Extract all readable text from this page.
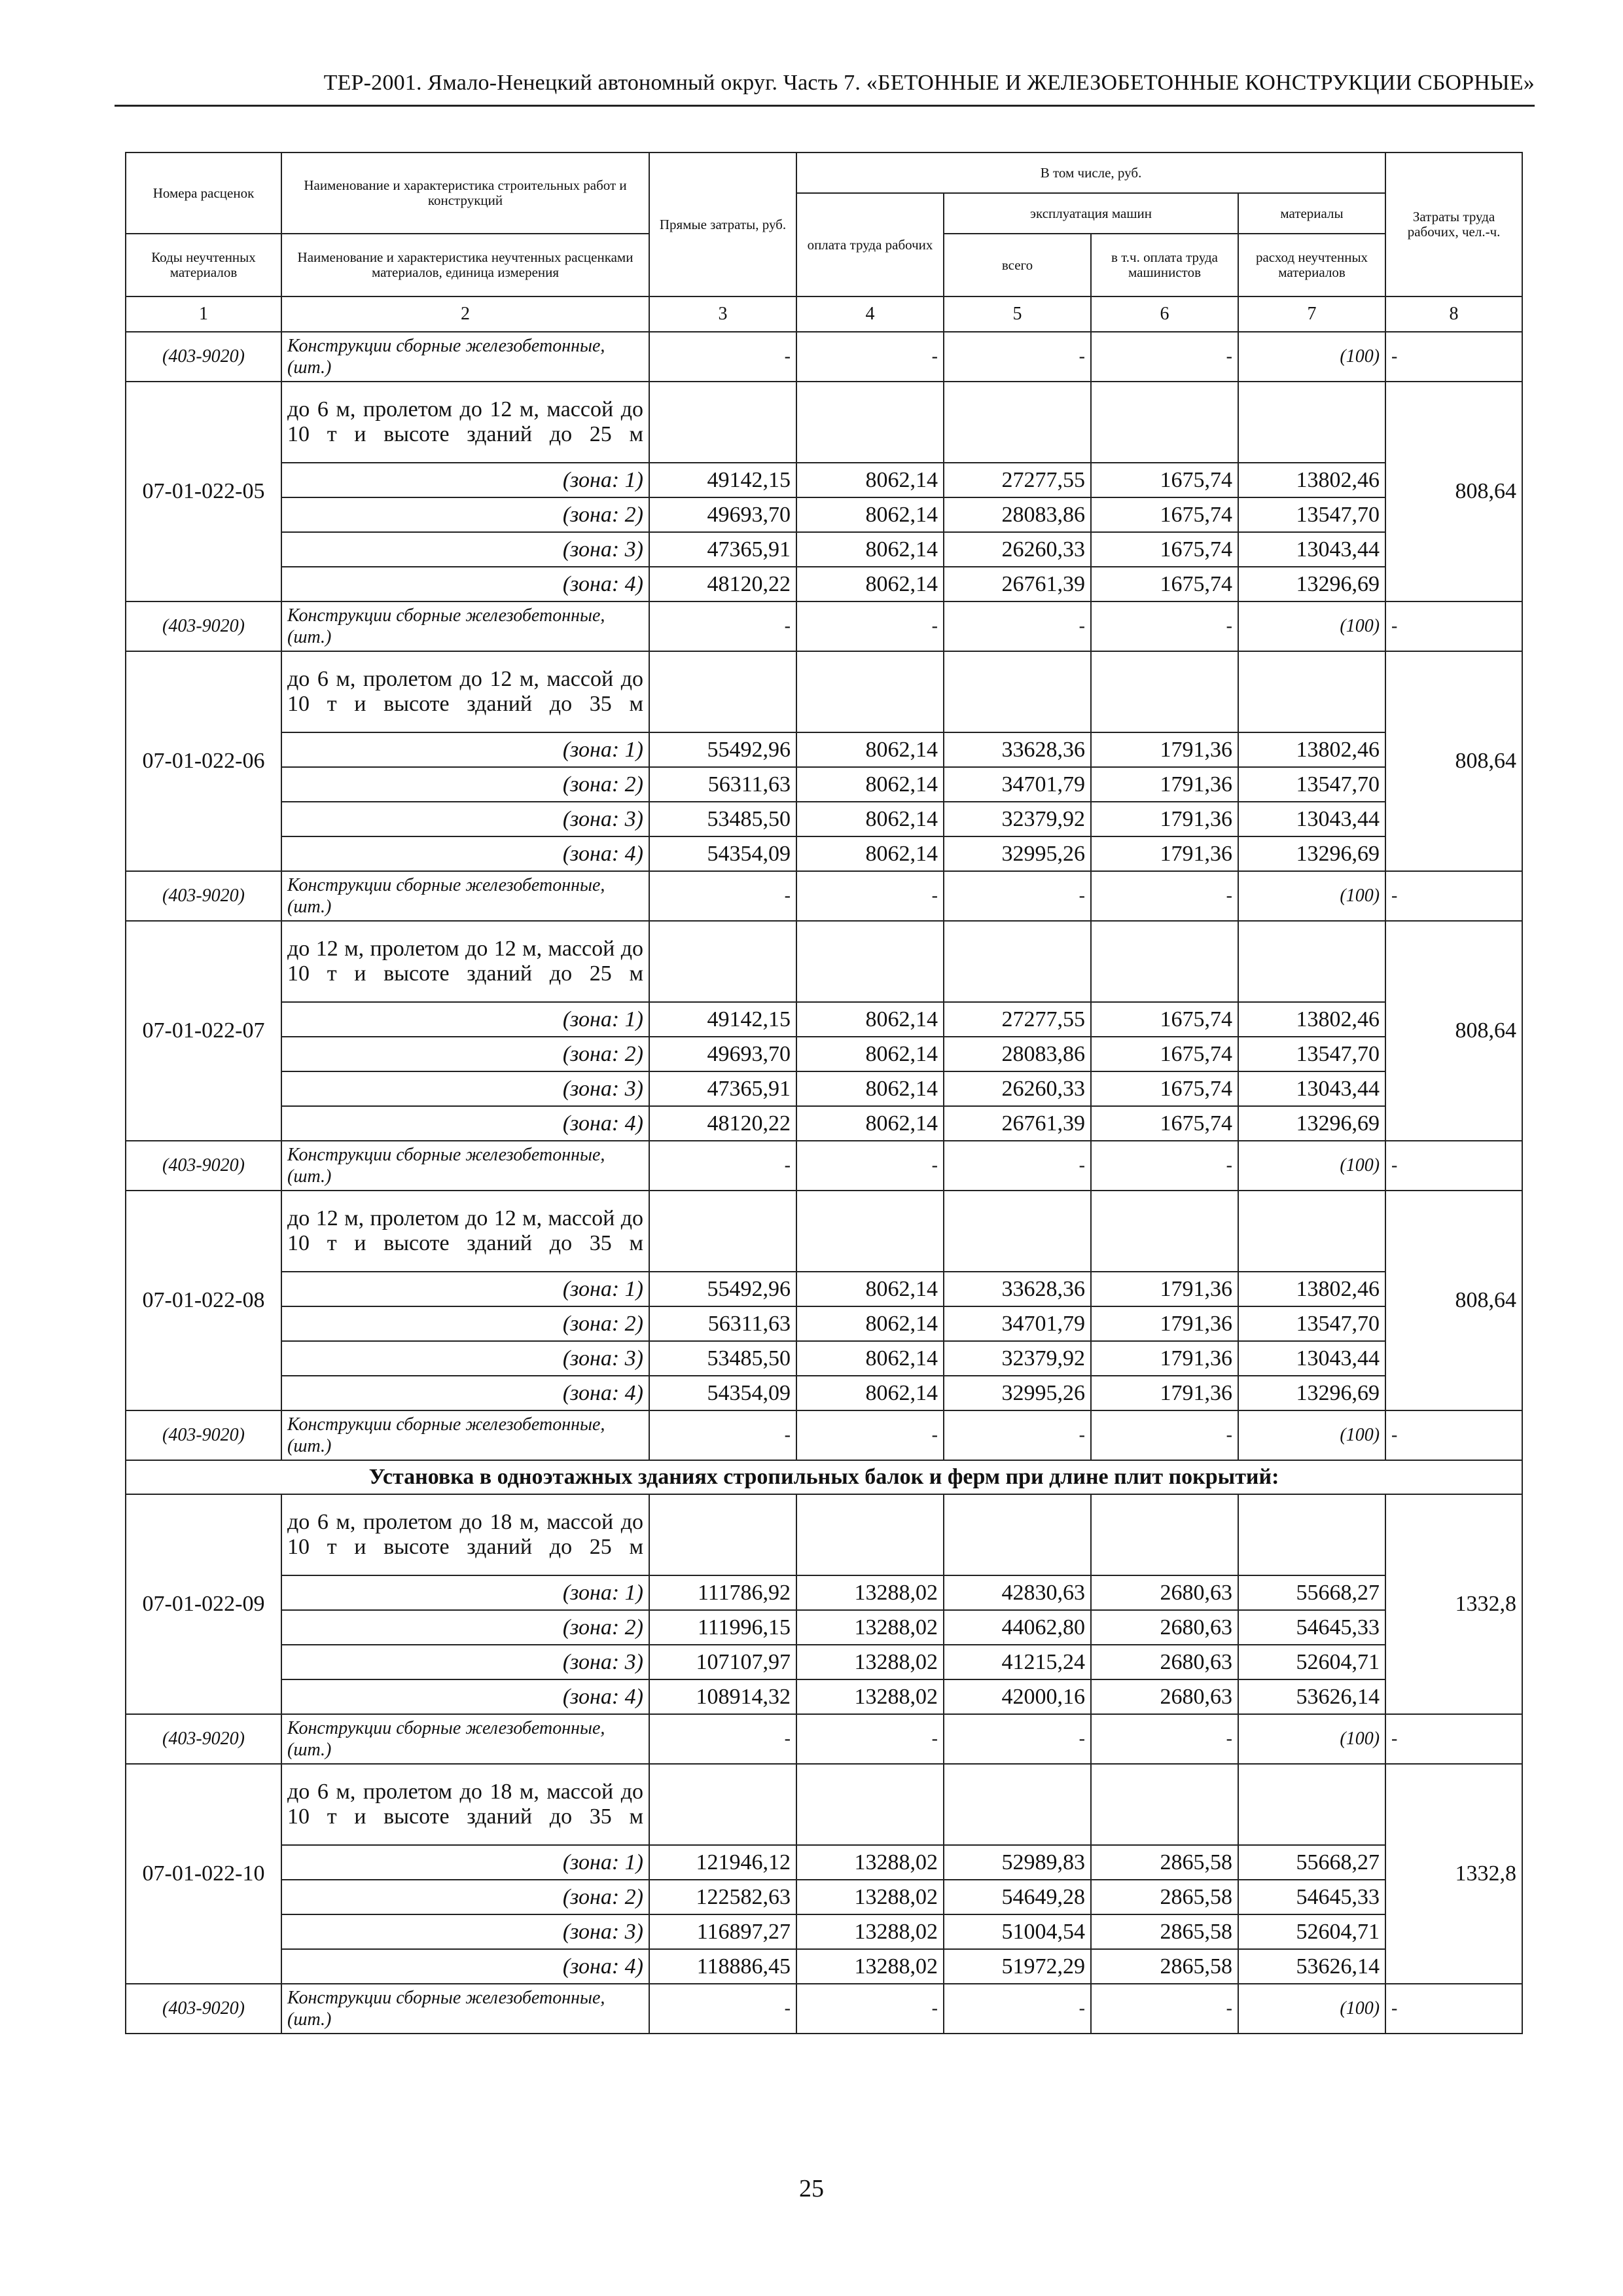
ТЕР-2001. Ямало-Ненецкий автономный округ. Часть 7. «БЕТОННЫЕ И ЖЕЛЕЗОБЕТОННЫЕ КОНСТРУКЦИИ СБОРНЫЕ»
Номера расценок	Наименование и характеристика строительных работ и конструкций	Прямые затраты, руб.	В том числе, руб.				Затраты труда рабочих, чел.-ч.	
			оплата труда рабочих	эксплуатация машин		материалы		
Коды неучтенных материалов	Наименование и характеристика неучтенных расценками материалов, единица измерения			всего	в т.ч. оплата труда машинистов	расход неучтенных материалов		
1	2	3	4	5	6	7	8	
(403-9020)	Конструкции сборные железобетонные, (шт.)	-	-	-	-	(100)	-	
07-01-022-05	до 6 м, пролетом до 12 м, массой до 10 т и высоте зданий до 25 м						808,64	

	(зона: 1)	49142,15	8062,14	27277,55	1675,74	13802,46		

	(зона: 2)	49693,70	8062,14	28083,86	1675,74	13547,70		

	(зона: 3)	47365,91	8062,14	26260,33	1675,74	13043,44		

	(зона: 4)	48120,22	8062,14	26761,39	1675,74	13296,69		
(403-9020)	Конструкции сборные железобетонные, (шт.)	-	-	-	-	(100)	-	
07-01-022-06	до 6 м, пролетом до 12 м, массой до 10 т и высоте зданий до 35 м						808,64	

	(зона: 1)	55492,96	8062,14	33628,36	1791,36	13802,46		

	(зона: 2)	56311,63	8062,14	34701,79	1791,36	13547,70		

	(зона: 3)	53485,50	8062,14	32379,92	1791,36	13043,44		

	(зона: 4)	54354,09	8062,14	32995,26	1791,36	13296,69		
(403-9020)	Конструкции сборные железобетонные, (шт.)	-	-	-	-	(100)	-	
07-01-022-07	до 12 м, пролетом до 12 м, массой до 10 т и высоте зданий до 25 м						808,64	

	(зона: 1)	49142,15	8062,14	27277,55	1675,74	13802,46		

	(зона: 2)	49693,70	8062,14	28083,86	1675,74	13547,70		

	(зона: 3)	47365,91	8062,14	26260,33	1675,74	13043,44		

	(зона: 4)	48120,22	8062,14	26761,39	1675,74	13296,69		
(403-9020)	Конструкции сборные железобетонные, (шт.)	-	-	-	-	(100)	-	
07-01-022-08	до 12 м, пролетом до 12 м, массой до 10 т и высоте зданий до 35 м						808,64	

	(зона: 1)	55492,96	8062,14	33628,36	1791,36	13802,46		

	(зона: 2)	56311,63	8062,14	34701,79	1791,36	13547,70		

	(зона: 3)	53485,50	8062,14	32379,92	1791,36	13043,44		

	(зона: 4)	54354,09	8062,14	32995,26	1791,36	13296,69		
(403-9020)	Конструкции сборные железобетонные, (шт.)	-	-	-	-	(100)	-	
Установка в одноэтажных зданиях стропильных балок и ферм при длине плит покрытий:								
07-01-022-09	до 6 м, пролетом до 18 м, массой до 10 т и высоте зданий до 25 м						1332,8	

	(зона: 1)	111786,92	13288,02	42830,63	2680,63	55668,27		

	(зона: 2)	111996,15	13288,02	44062,80	2680,63	54645,33		

	(зона: 3)	107107,97	13288,02	41215,24	2680,63	52604,71		

	(зона: 4)	108914,32	13288,02	42000,16	2680,63	53626,14		
(403-9020)	Конструкции сборные железобетонные, (шт.)	-	-	-	-	(100)	-	
07-01-022-10	до 6 м, пролетом до 18 м, массой до 10 т и высоте зданий до 35 м						1332,8	

	(зона: 1)	121946,12	13288,02	52989,83	2865,58	55668,27		

	(зона: 2)	122582,63	13288,02	54649,28	2865,58	54645,33		

	(зона: 3)	116897,27	13288,02	51004,54	2865,58	52604,71		

	(зона: 4)	118886,45	13288,02	51972,29	2865,58	53626,14		
(403-9020)	Конструкции сборные железобетонные, (шт.)	-	-	-	-	(100)	-	
25
